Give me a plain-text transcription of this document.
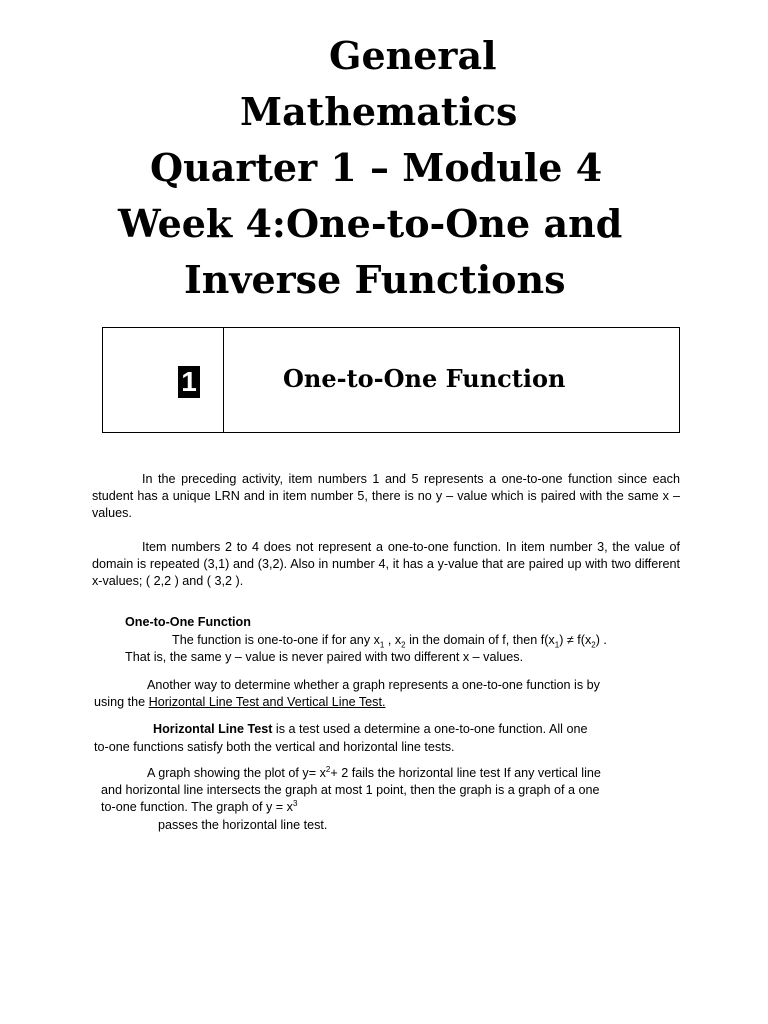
General
Mathematics
Quarter 1 – Module 4
Week 4:One-to-One and
Inverse Functions
1	One-to-One Function
In the preceding activity, item numbers 1 and 5 represents a one-to-one function since each student has a unique LRN and in item number 5, there is no y – value which is paired with the same x – values.
Item numbers 2 to 4 does not represent a one-to-one function. In item number 3, the value of domain is repeated (3,1) and (3,2). Also in number 4, it has a y-value that are paired up with two different x-values; ( 2,2 ) and ( 3,2 ).
One-to-One Function
The function is one-to-one if for any $x_1$ , $x_2$ in the domain of f, then $f(x_1) \ne f(x_2)$ .
That is, the same y – value is never paired with two different x – values.
Another way to determine whether a graph represents a one-to-one function is by
using the Horizontal Line Test and Vertical Line Test.
Horizontal Line Test is a test used a determine a one-to-one function. All one
to-one functions satisfy both the vertical and horizontal line tests.
A graph showing the plot of $y= x^2+ 2$ fails the horizontal line test If any vertical line
and horizontal line intersects the graph at most 1 point, then the graph is a graph of a one
to-one function. The graph of $y = x^3$
passes the horizontal line test.
